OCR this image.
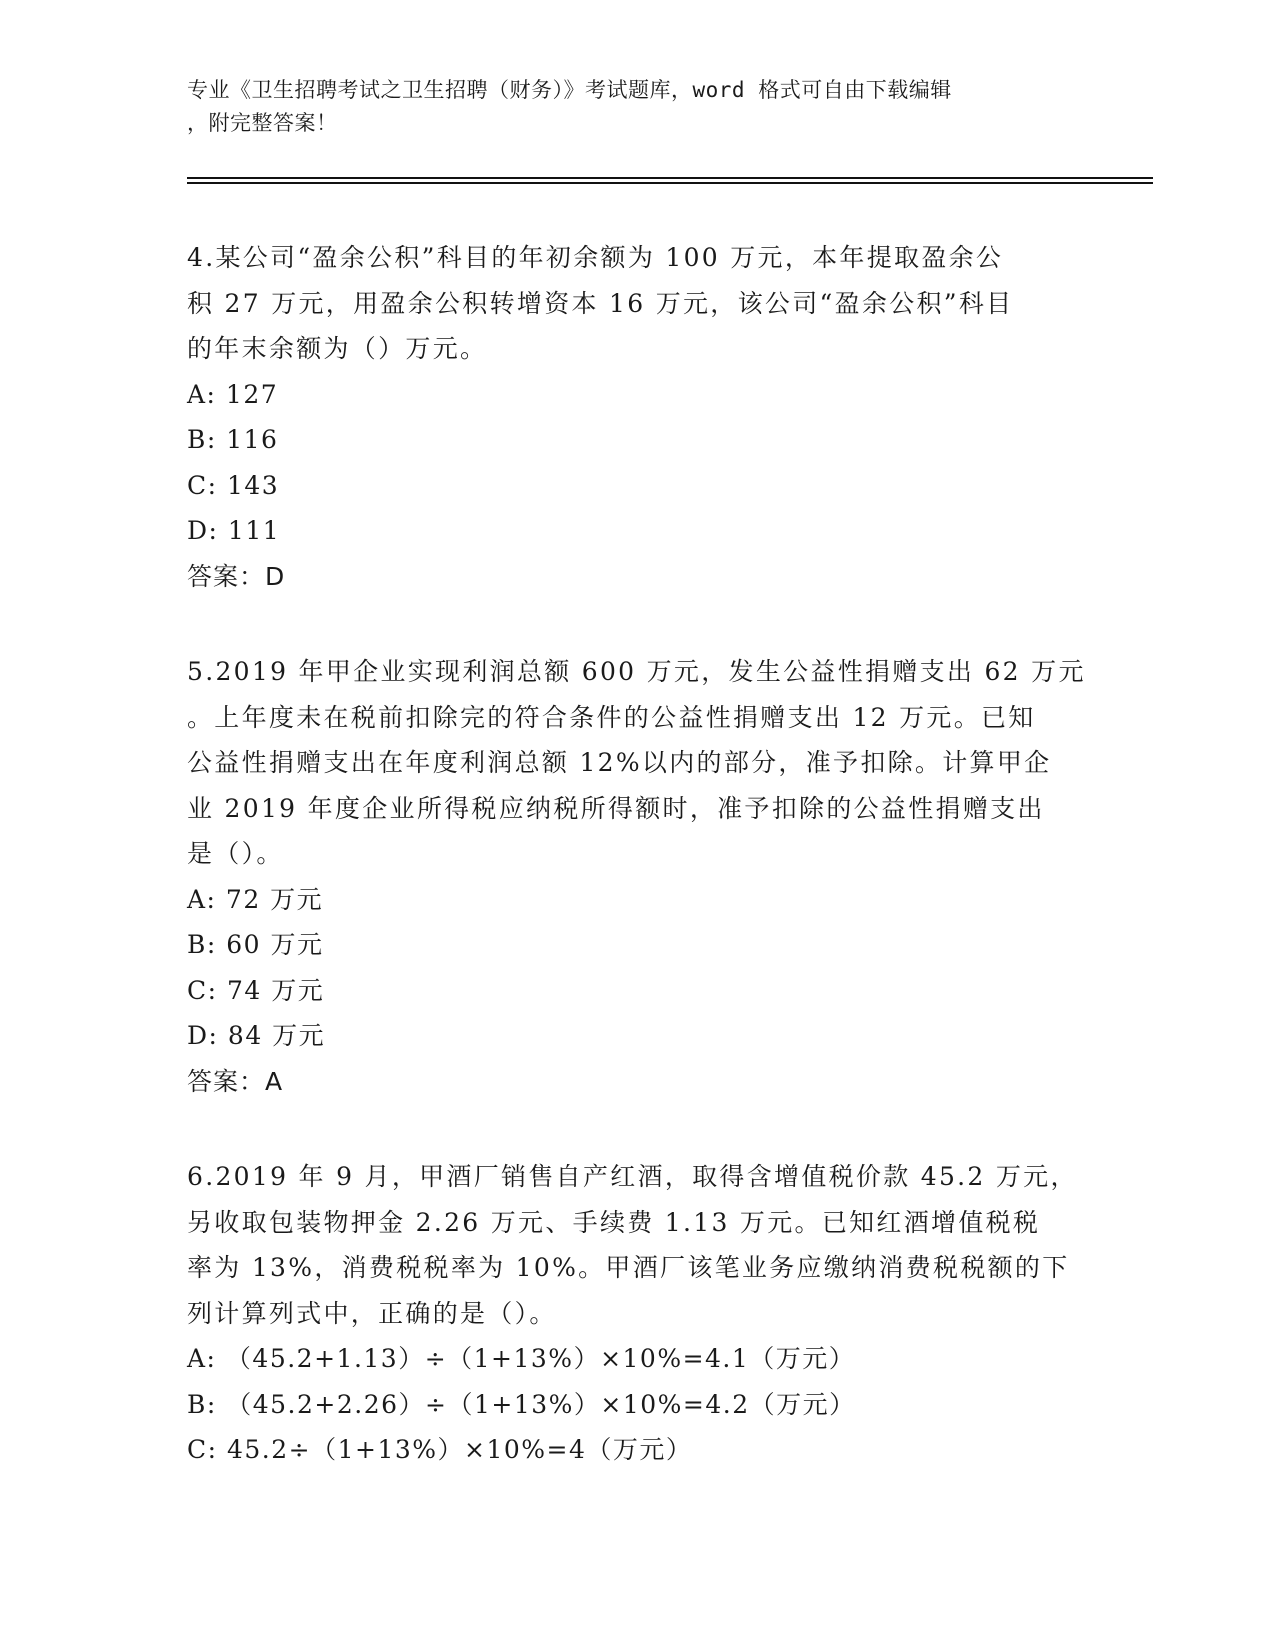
专业《卫生招聘考试之卫生招聘（财务）》考试题库，word 格式可自由下载编辑
，附完整答案！

4.某公司“盈余公积”科目的年初余额为 100 万元，本年提取盈余公

积 27 万元，用盈余公积转增资本 16 万元，该公司“盈余公积”科目

的年末余额为（）万元。

A: 127

B: 116

C: 143

D: 111

答案：D

5.2019 年甲企业实现利润总额 600 万元，发生公益性捐赠支出 62 万元

。上年度未在税前扣除完的符合条件的公益性捐赠支出 12 万元。已知

公益性捐赠支出在年度利润总额 12%以内的部分，准予扣除。计算甲企

业 2019 年度企业所得税应纳税所得额时，准予扣除的公益性捐赠支出

是（）。

A: 72 万元

B: 60 万元

C: 74 万元

D: 84 万元

答案：A

6.2019 年 9 月，甲酒厂销售自产红酒，取得含增值税价款 45.2 万元，

另收取包装物押金 2.26 万元、手续费 1.13 万元。已知红酒增值税税

率为 13%，消费税税率为 10%。甲酒厂该笔业务应缴纳消费税税额的下

列计算列式中，正确的是（）。

A: （45.2+1.13）÷（1+13%）×10%=4.1（万元）

B: （45.2+2.26）÷（1+13%）×10%=4.2（万元）

C: 45.2÷（1+13%）×10%=4（万元）
